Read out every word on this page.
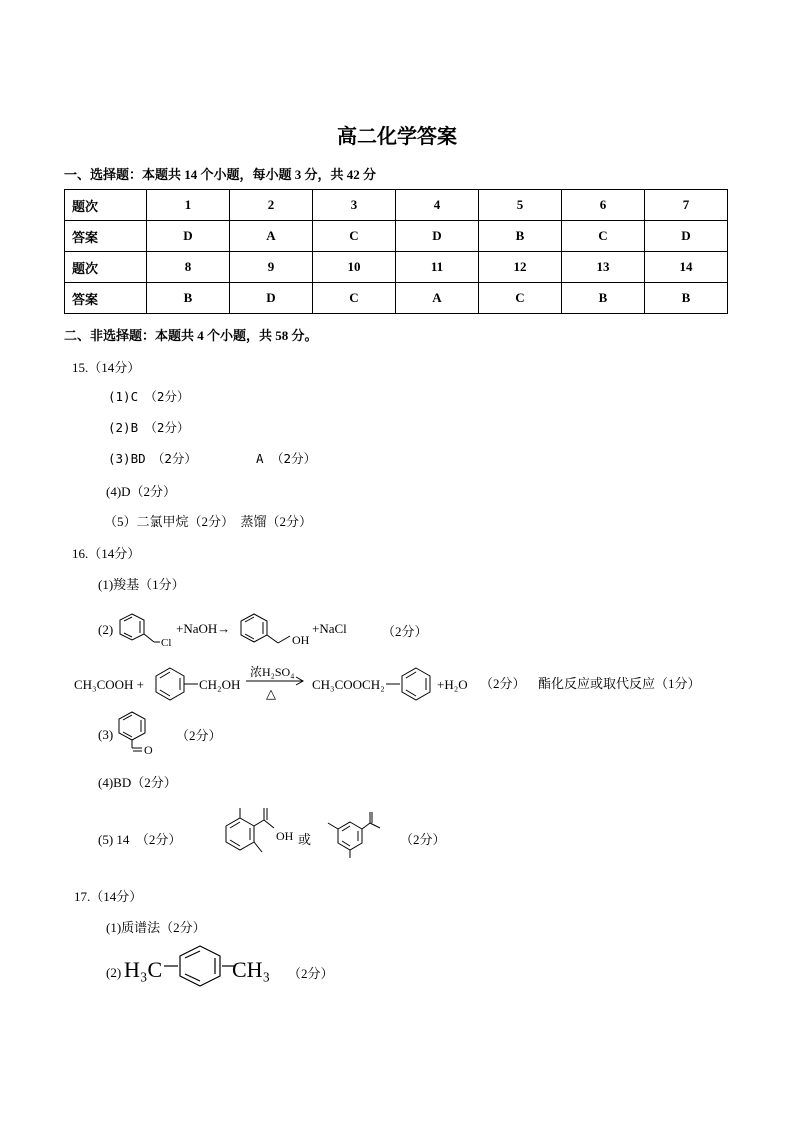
高二化学答案
一、选择题：本题共 14 个小题，每小题 3 分，共 42 分
题次	1	2	3	4	5	6	7
答案	D	A	C	D	B	C	D
题次	8	9	10	11	12	13	14
答案	B	D	C	A	C	B	B
二、非选择题：本题共 4 个小题，共 58 分。
15.（14分）
(1)C　（2分）
(2)B　（2分）
(3)BD　（2分）	A （2分）
(4)D（2分）
（5）二氯甲烷（2分）　蒸馏（2分）
16.（14分）
(1)羧基（1分）
(2)
Cl
+NaOH→
OH
+NaCl	（2分）
CH₃COOH +	CH₂OH
浓H₂SO₄
△
CH₃COOCH₂	+H₂O （2分） 酯化反应或取代反应（1分）
(3)
O
（2分）
(4)BD（2分）
(5) 14　（2分）	OH 或	（2分）
17.（14分）
(1)质谱法（2分）
(2) H₃C	CH₃ （2分）
